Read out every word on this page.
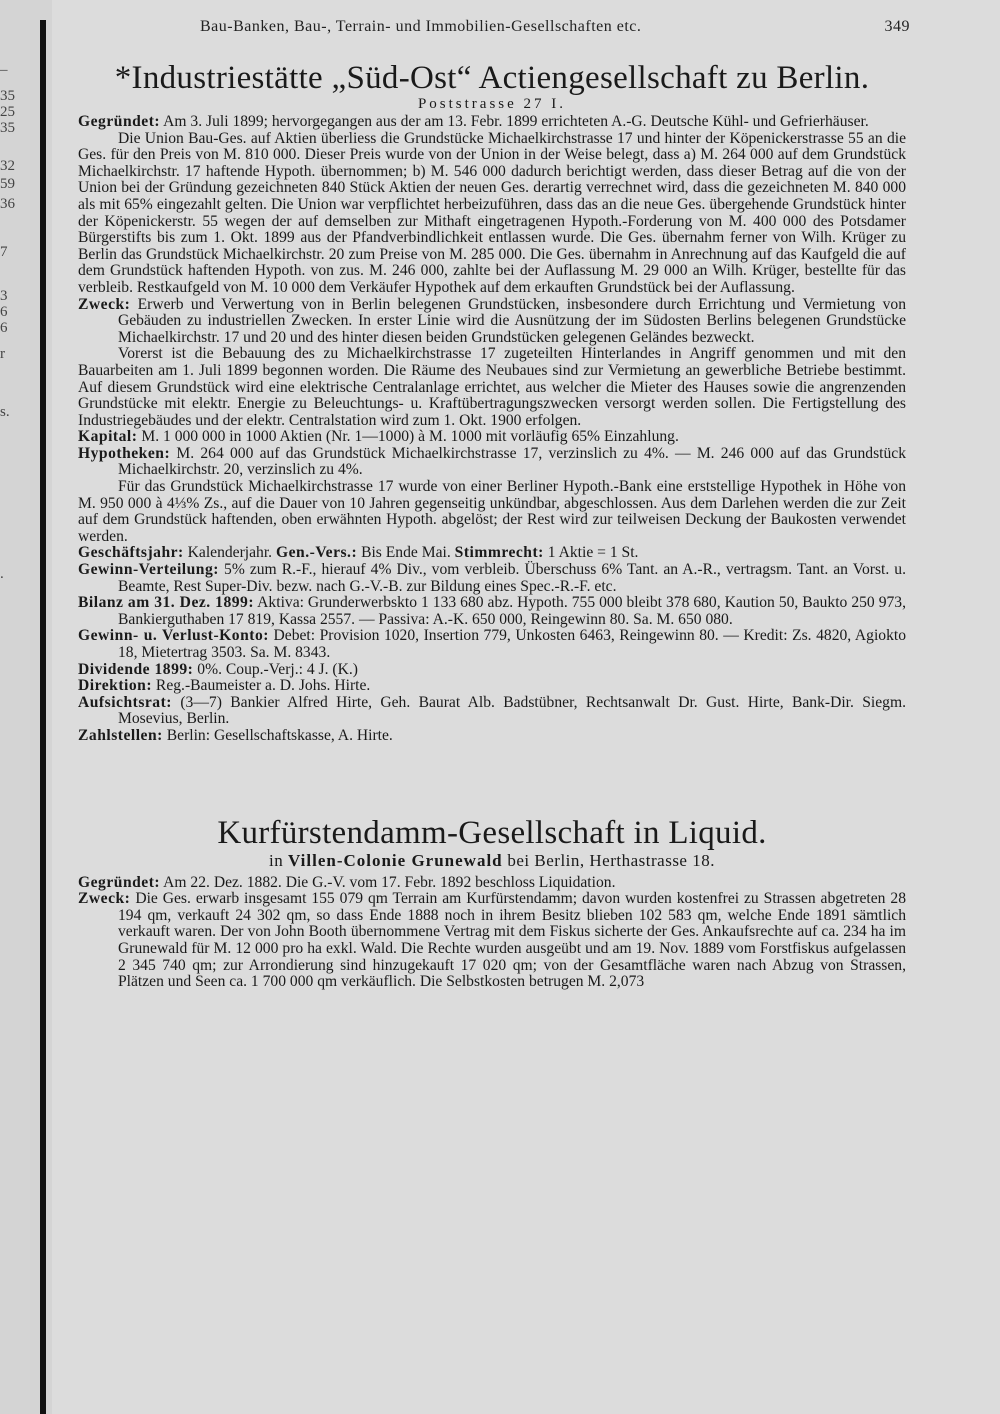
35
25
35
32
59
36
7
3
6
6
r
s.
–
.
Bau-Banken, Bau-, Terrain- und Immobilien-Gesellschaften etc.	349
*Industriestätte „Süd-Ost“ Actiengesellschaft zu Berlin.
Poststrasse 27 I.

Gegründet: Am 3. Juli 1899; hervorgegangen aus der am 13. Febr. 1899 errichteten A.-G. Deutsche Kühl- und Gefrierhäuser.

Die Union Bau-Ges. auf Aktien überliess die Grundstücke Michaelkirchstrasse 17 und hinter der Köpenickerstrasse 55 an die Ges. für den Preis von M. 810 000. Dieser Preis wurde von der Union in der Weise belegt, dass a) M. 264 000 auf dem Grundstück Michaelkirchstr. 17 haftende Hypoth. übernommen; b) M. 546 000 dadurch berichtigt werden, dass dieser Betrag auf die von der Union bei der Gründung gezeichneten 840 Stück Aktien der neuen Ges. derartig verrechnet wird, dass die gezeichneten M. 840 000 als mit 65% eingezahlt gelten. Die Union war verpflichtet herbeizuführen, dass das an die neue Ges. übergehende Grundstück hinter der Köpenickerstr. 55 wegen der auf demselben zur Mithaft eingetragenen Hypoth.-Forderung von M. 400 000 des Potsdamer Bürgerstifts bis zum 1. Okt. 1899 aus der Pfandverbindlichkeit entlassen wurde. Die Ges. übernahm ferner von Wilh. Krüger zu Berlin das Grundstück Michaelkirchstr. 20 zum Preise von M. 285 000. Die Ges. übernahm in Anrechnung auf das Kaufgeld die auf dem Grundstück haftenden Hypoth. von zus. M. 246 000, zahlte bei der Auflassung M. 29 000 an Wilh. Krüger, bestellte für das verbleib. Restkaufgeld von M. 10 000 dem Verkäufer Hypothek auf dem erkauften Grundstück bei der Auflassung.

Zweck: Erwerb und Verwertung von in Berlin belegenen Grundstücken, insbesondere durch Errichtung und Vermietung von Gebäuden zu industriellen Zwecken. In erster Linie wird die Ausnützung der im Südosten Berlins belegenen Grundstücke Michaelkirchstr. 17 und 20 und des hinter diesen beiden Grundstücken gelegenen Geländes bezweckt.

Vorerst ist die Bebauung des zu Michaelkirchstrasse 17 zugeteilten Hinterlandes in Angriff genommen und mit den Bauarbeiten am 1. Juli 1899 begonnen worden. Die Räume des Neubaues sind zur Vermietung an gewerbliche Betriebe bestimmt. Auf diesem Grundstück wird eine elektrische Centralanlage errichtet, aus welcher die Mieter des Hauses sowie die angrenzenden Grundstücke mit elektr. Energie zu Beleuchtungs- u. Kraftübertragungszwecken versorgt werden sollen. Die Fertigstellung des Industriegebäudes und der elektr. Centralstation wird zum 1. Okt. 1900 erfolgen.

Kapital: M. 1 000 000 in 1000 Aktien (Nr. 1—1000) à M. 1000 mit vorläufig 65% Einzahlung.

Hypotheken: M. 264 000 auf das Grundstück Michaelkirchstrasse 17, verzinslich zu 4%. — M. 246 000 auf das Grundstück Michaelkirchstr. 20, verzinslich zu 4%.

Für das Grundstück Michaelkirchstrasse 17 wurde von einer Berliner Hypoth.-Bank eine erststellige Hypothek in Höhe von M. 950 000 à 4⅓% Zs., auf die Dauer von 10 Jahren gegenseitig unkündbar, abgeschlossen. Aus dem Darlehen werden die zur Zeit auf dem Grundstück haftenden, oben erwähnten Hypoth. abgelöst; der Rest wird zur teilweisen Deckung der Baukosten verwendet werden.

Geschäftsjahr: Kalenderjahr. Gen.-Vers.: Bis Ende Mai. Stimmrecht: 1 Aktie = 1 St.

Gewinn-Verteilung: 5% zum R.-F., hierauf 4% Div., vom verbleib. Überschuss 6% Tant. an A.-R., vertragsm. Tant. an Vorst. u. Beamte, Rest Super-Div. bezw. nach G.-V.-B. zur Bildung eines Spec.-R.-F. etc.

Bilanz am 31. Dez. 1899: Aktiva: Grunderwerbskto 1 133 680 abz. Hypoth. 755 000 bleibt 378 680, Kaution 50, Baukto 250 973, Bankierguthaben 17 819, Kassa 2557. — Passiva: A.-K. 650 000, Reingewinn 80. Sa. M. 650 080.

Gewinn- u. Verlust-Konto: Debet: Provision 1020, Insertion 779, Unkosten 6463, Reingewinn 80. — Kredit: Zs. 4820, Agiokto 18, Mietertrag 3503. Sa. M. 8343.

Dividende 1899: 0%. Coup.-Verj.: 4 J. (K.)

Direktion: Reg.-Baumeister a. D. Johs. Hirte.

Aufsichtsrat: (3—7) Bankier Alfred Hirte, Geh. Baurat Alb. Badstübner, Rechtsanwalt Dr. Gust. Hirte, Bank-Dir. Siegm. Mosevius, Berlin.

Zahlstellen: Berlin: Gesellschaftskasse, A. Hirte.

Kurfürstendamm-Gesellschaft in Liquid.
in Villen-Colonie Grunewald bei Berlin, Herthastrasse 18.

Gegründet: Am 22. Dez. 1882. Die G.-V. vom 17. Febr. 1892 beschloss Liquidation.

Zweck: Die Ges. erwarb insgesamt 155 079 qm Terrain am Kurfürstendamm; davon wurden kostenfrei zu Strassen abgetreten 28 194 qm, verkauft 24 302 qm, so dass Ende 1888 noch in ihrem Besitz blieben 102 583 qm, welche Ende 1891 sämtlich verkauft waren. Der von John Booth übernommene Vertrag mit dem Fiskus sicherte der Ges. Ankaufsrechte auf ca. 234 ha im Grunewald für M. 12 000 pro ha exkl. Wald. Die Rechte wurden ausgeübt und am 19. Nov. 1889 vom Forstfiskus aufgelassen 2 345 740 qm; zur Arrondierung sind hinzugekauft 17 020 qm; von der Gesamtfläche waren nach Abzug von Strassen, Plätzen und Seen ca. 1 700 000 qm verkäuflich. Die Selbstkosten betrugen M. 2,073
